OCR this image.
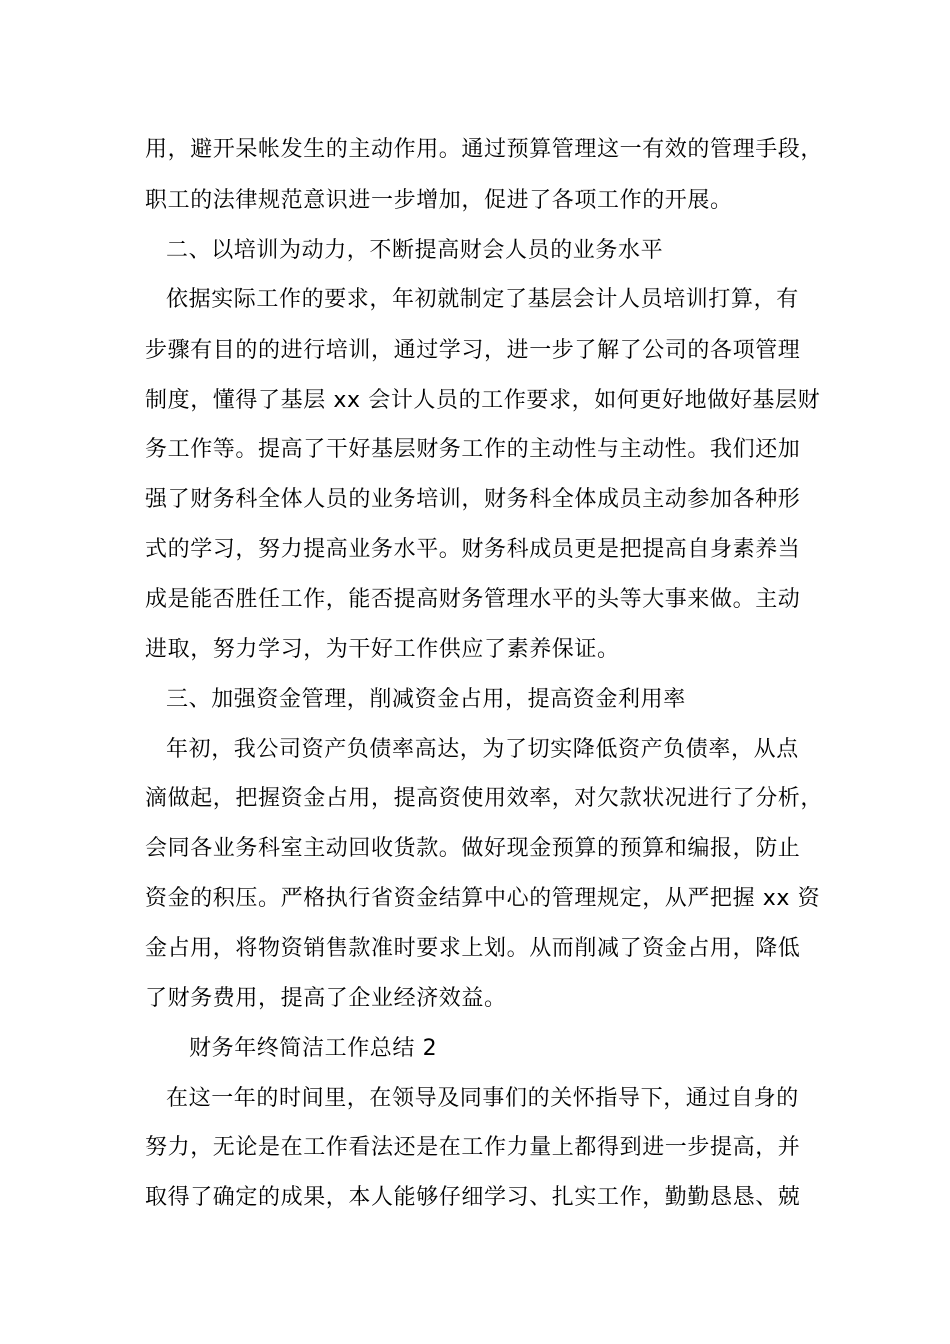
用，避开呆帐发生的主动作用。通过预算管理这一有效的管理手段，
职工的法律规范意识进一步增加，促进了各项工作的开展。
二、以培训为动力，不断提高财会人员的业务水平
依据实际工作的要求，年初就制定了基层会计人员培训打算，有
步骤有目的的进行培训，通过学习，进一步了解了公司的各项管理
制度，懂得了基层 xx 会计人员的工作要求，如何更好地做好基层财
务工作等。提高了干好基层财务工作的主动性与主动性。我们还加
强了财务科全体人员的业务培训，财务科全体成员主动参加各种形
式的学习，努力提高业务水平。财务科成员更是把提高自身素养当
成是能否胜任工作，能否提高财务管理水平的头等大事来做。主动
进取，努力学习，为干好工作供应了素养保证。
三、加强资金管理，削减资金占用，提高资金利用率
年初，我公司资产负债率高达，为了切实降低资产负债率，从点
滴做起，把握资金占用，提高资使用效率，对欠款状况进行了分析，
会同各业务科室主动回收货款。做好现金预算的预算和编报，防止
资金的积压。严格执行省资金结算中心的管理规定，从严把握 xx 资
金占用，将物资销售款准时要求上划。从而削减了资金占用，降低
了财务费用，提高了企业经济效益。
财务年终简洁工作总结 2
在这一年的时间里，在领导及同事们的关怀指导下，通过自身的
努力，无论是在工作看法还是在工作力量上都得到进一步提高，并
取得了确定的成果，本人能够仔细学习、扎实工作，勤勤恳恳、兢
